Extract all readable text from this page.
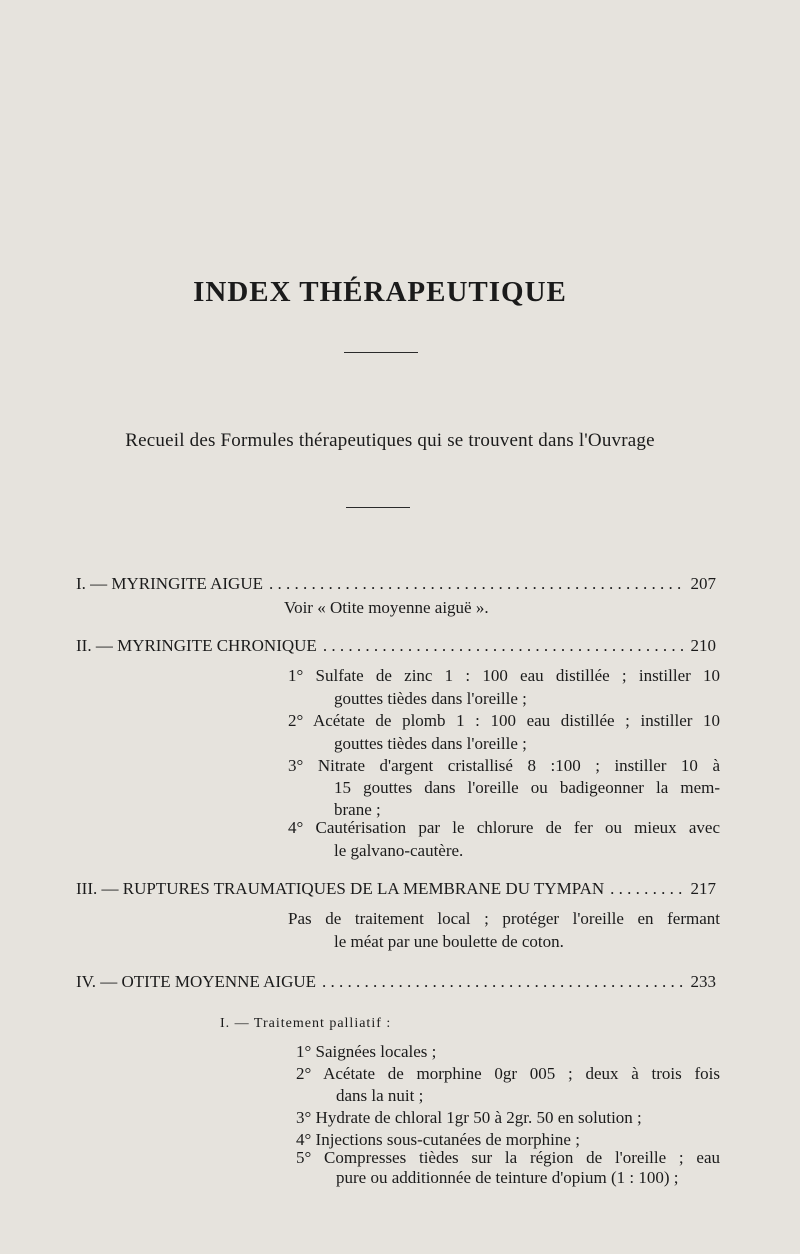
INDEX THÉRAPEUTIQUE
Recueil des Formules thérapeutiques qui se trouvent dans l'Ouvrage
I. — MYRINGITE AIGUE . . .	207
Voir « Otite moyenne aiguë ».
II. — MYRINGITE CHRONIQUE . . .	210
1° Sulfate de zinc 1 : 100 eau distillée ; instiller 10
gouttes tièdes dans l'oreille ;
2° Acétate de plomb 1 : 100 eau distillée ; instiller 10
gouttes tièdes dans l'oreille ;
3° Nitrate d'argent cristallisé 8 :100 ; instiller 10 à
15 gouttes dans l'oreille ou badigeonner la mem-
brane ;
4° Cautérisation par le chlorure de fer ou mieux avec
le galvano-cautère.
III. — RUPTURES TRAUMATIQUES DE LA MEMBRANE DU TYMPAN . . .	217
Pas de traitement local ; protéger l'oreille en fermant
le méat par une boulette de coton.
IV. — OTITE MOYENNE AIGUE . . .	233
I. — Traitement palliatif :
1° Saignées locales ;
2° Acétate de morphine 0gr 005 ; deux à trois fois
dans la nuit ;
3° Hydrate de chloral 1gr 50 à 2gr. 50 en solution ;
4° Injections sous-cutanées de morphine ;
5° Compresses tièdes sur la région de l'oreille ; eau
pure ou additionnée de teinture d'opium (1 : 100) ;
